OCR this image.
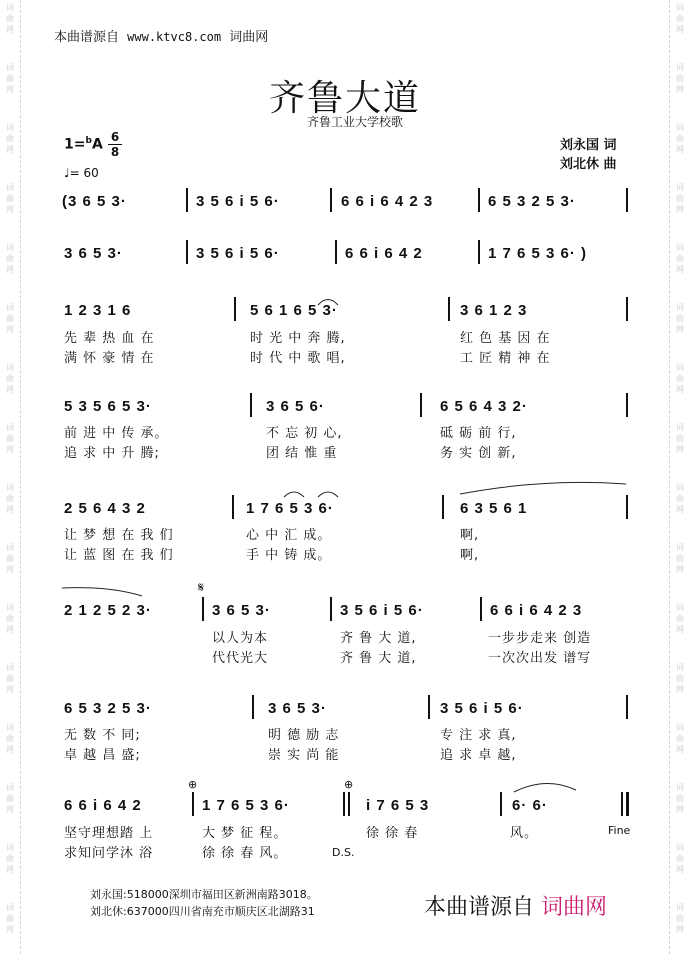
词
曲
网
词
曲
网
词
曲
网
词
曲
网
词
曲
网
词
曲
网
词
曲
网
词
曲
网
词
曲
网
词
曲
网
词
曲
网
词
曲
网
词
曲
网
词
曲
网
词
曲
网
词
曲
网
词
曲
网
词
曲
网
词
曲
网
词
曲
网
词
曲
网
词
曲
网
词
曲
网
词
曲
网
词
曲
网
词
曲
网
词
曲
网
词
曲
网
词
曲
网
词
曲
网
词
曲
网
词
曲
网
本曲谱源自 www.ktvc8.com 词曲网
齐鲁大道
齐鲁工业大学校歌
1=$^b$A 6
8
♩= 60
刘永国 词
刘北休 曲
(3 6 5 3·	3 5 6 i 5 6·	6 6 i 6 4 2 3	6 5 3 2 5 3·
3 6 5 3·	3 5 6 i 5 6·	6 6 i 6 4 2	1 7 6 5 3 6· )
1 2 3 1 6	5 6 1 6 5 3·	3 6 1 2 3
先 辈 热 血 在	时 光 中 奔 腾,	红 色 基 因 在
满 怀 豪 情 在	时 代 中 歌 唱,	工 匠 精 神 在
5 3 5 6 5 3·	3 6 5 6·	6 5 6 4 3 2·
前 进 中 传 承。	不 忘 初 心,	砥 砺 前 行,
追 求 中 升 腾;	团 结 惟 重	务 实 创 新,
2 5 6 4 3 2	1 7 6 5 3 6·	6 3 5 6 1
让 梦 想 在 我 们	心 中 汇 成。	啊,
让 蓝 图 在 我 们	手 中 铸 成。	啊,
𝄋
2 1 2 5 2 3·	3 6 5 3·	3 5 6 i 5 6·	6 6 i 6 4 2 3
以人为本	齐 鲁 大 道,	一步步走来 创造
代代光大	齐 鲁 大 道,	一次次出发 谱写
6 5 3 2 5 3·	3 6 5 3·	3 5 6 i 5 6·
无 数 不 同;	明 德 励 志	专 注 求 真,
卓 越 昌 盛;	崇 实 尚 能	追 求 卓 越,
⊕	⊕
6 6 i 6 4 2	1 7 6 5 3 6·	i 7 6 5 3	6· 6·
坚守理想踏 上	大 梦 征 程。	徐 徐 春	风。
求知问学沐 浴	徐 徐 春 风。	D.S.
Fine
刘永国:518000深圳市福田区新洲南路3018。
刘北休:637000四川省南充市顺庆区北湖路31	本曲谱源自 词曲网
